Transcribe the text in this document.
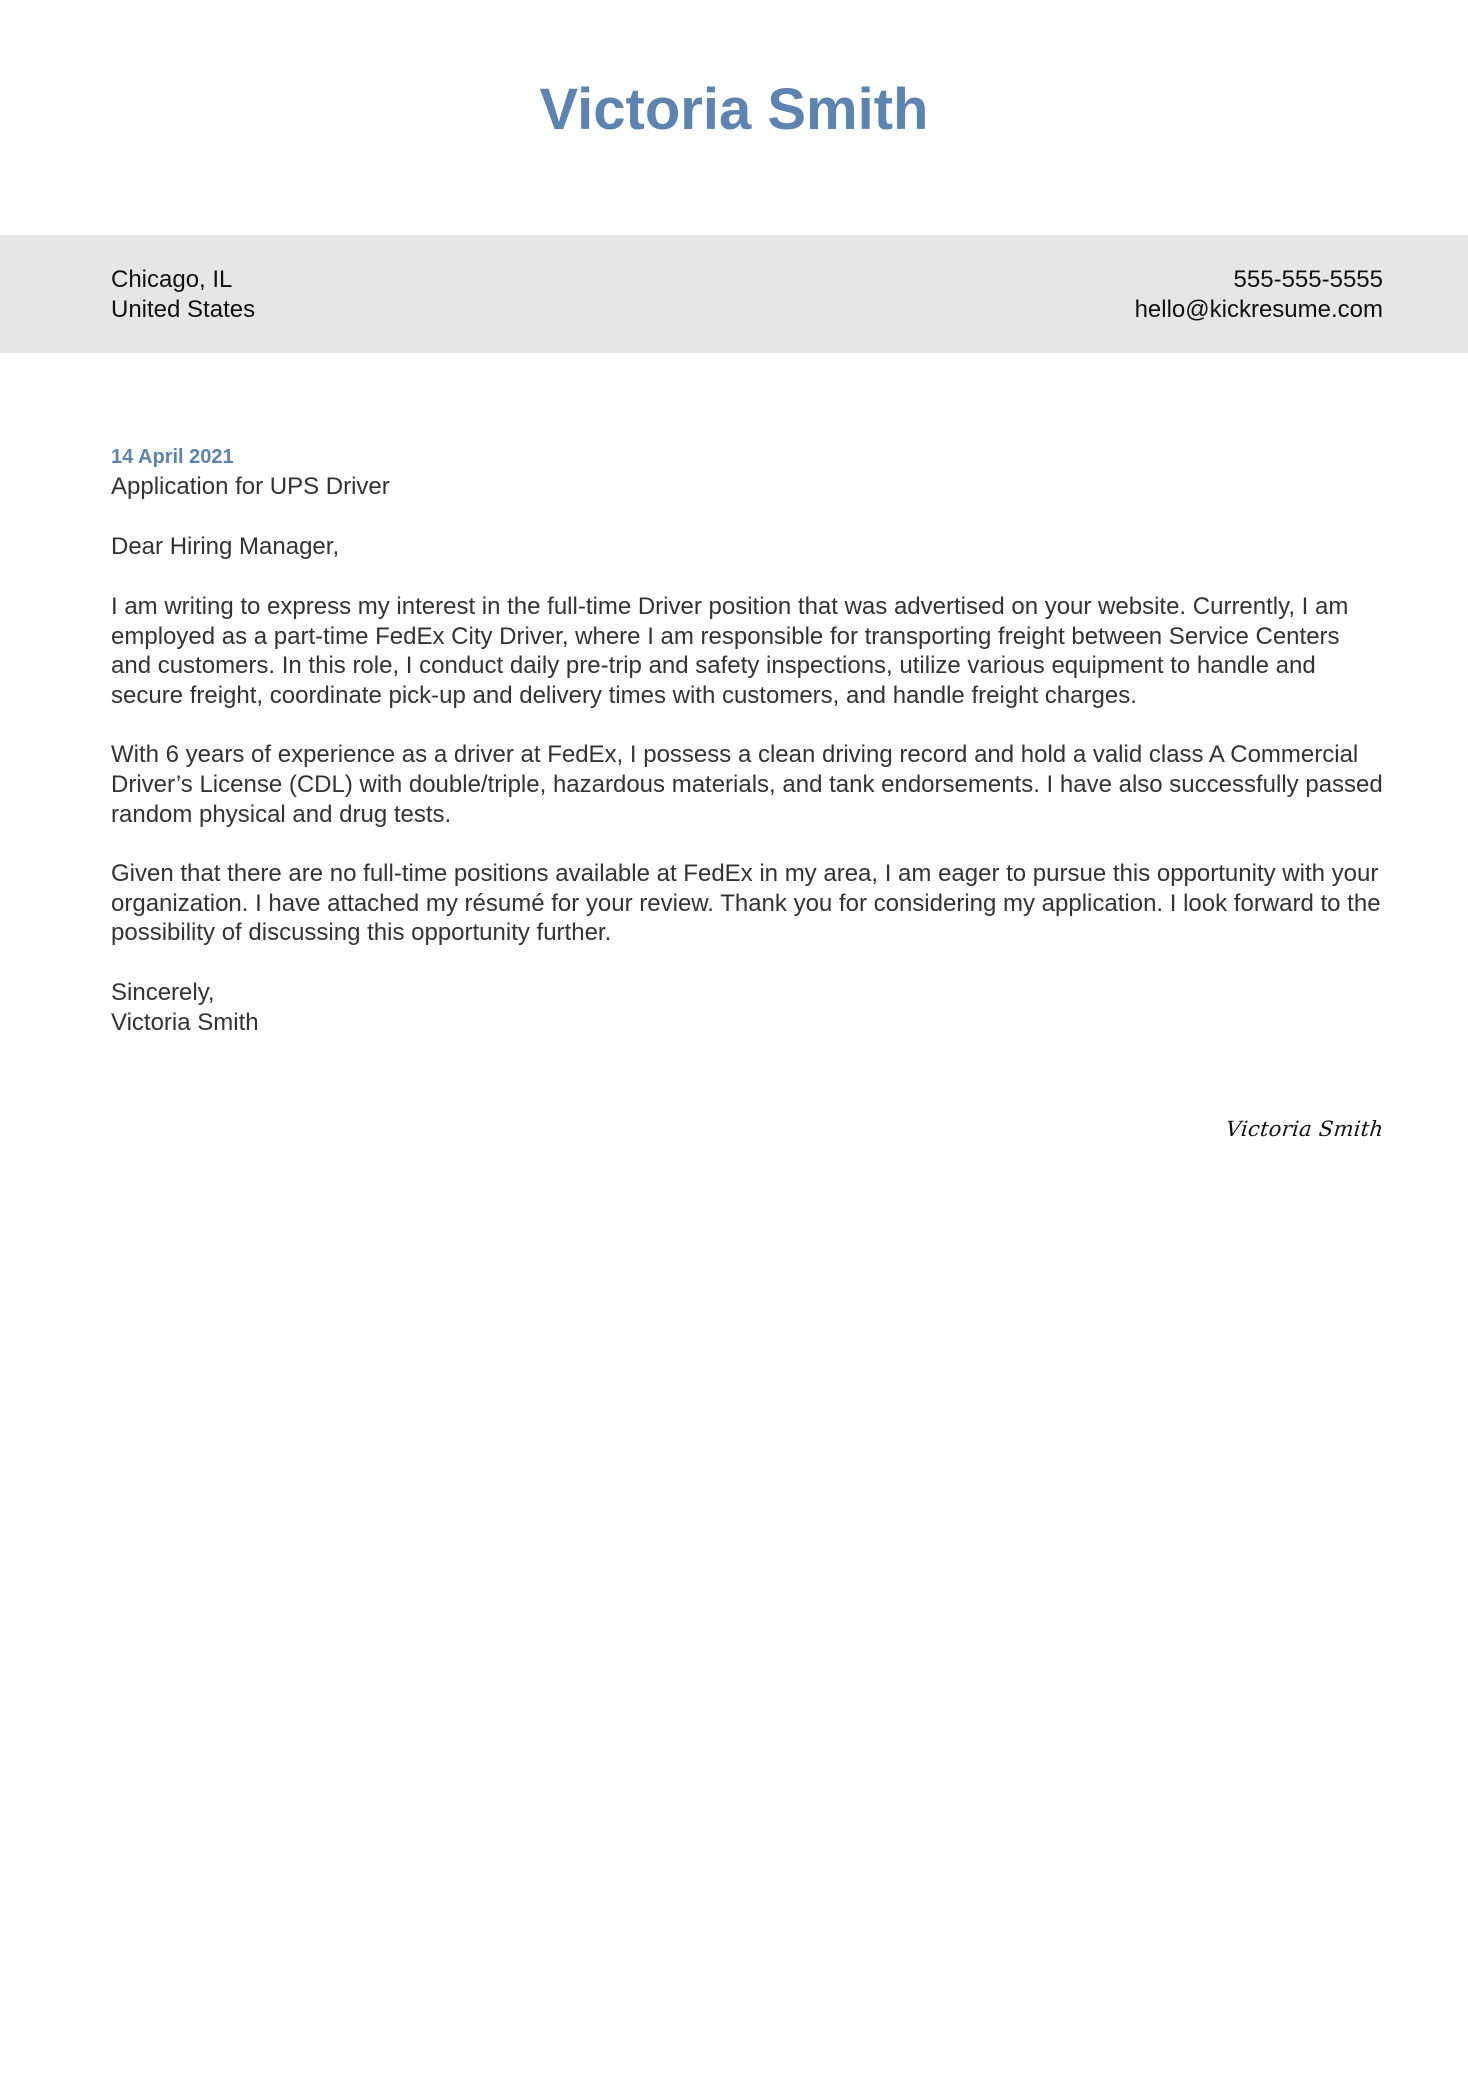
Victoria Smith
Chicago, IL
United States
555-555-5555
hello@kickresume.com

14 April 2021

Application for UPS Driver

Dear Hiring Manager,

I am writing to express my interest in the full-time Driver position that was advertised on your website. Currently, I am employed as a part-time FedEx City Driver, where I am responsible for transporting freight between Service Centers and customers. In this role, I conduct daily pre-trip and safety inspections, utilize various equipment to handle and secure freight, coordinate pick-up and delivery times with customers, and handle freight charges.

With 6 years of experience as a driver at FedEx, I possess a clean driving record and hold a valid class A Commercial Driver’s License (CDL) with double/triple, hazardous materials, and tank endorsements. I have also successfully passed random physical and drug tests.

Given that there are no full-time positions available at FedEx in my area, I am eager to pursue this opportunity with your organization. I have attached my résumé for your review. Thank you for considering my application. I look forward to the possibility of discussing this opportunity further.

Sincerely,
Victoria Smith

Victoria Smith
